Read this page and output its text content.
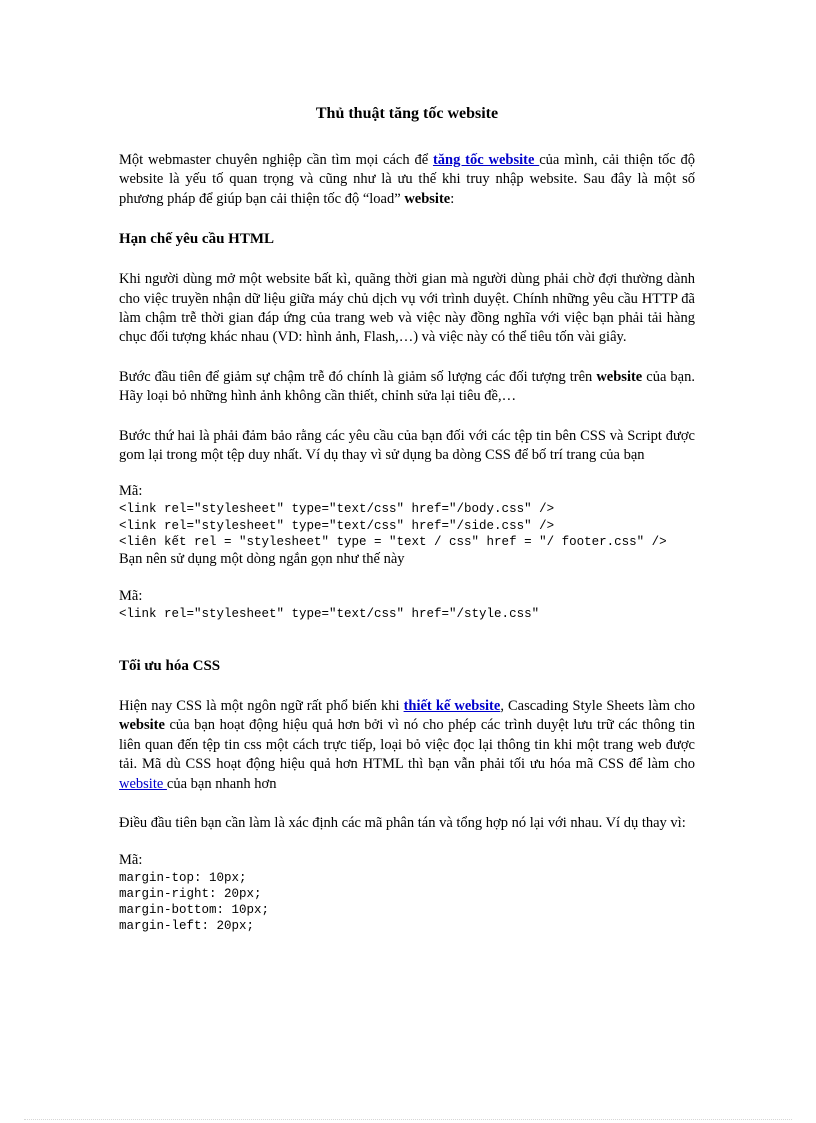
Thủ thuật tăng tốc website

Một webmaster chuyên nghiệp cần tìm mọi cách để tăng tốc website của mình, cải thiện tốc độ website là yếu tố quan trọng và cũng như là ưu thế khi truy nhập website. Sau đây là một số phương pháp để giúp bạn cải thiện tốc độ “load” website:

Hạn chế yêu cầu HTML

Khi người dùng mở một website bất kì, quãng thời gian mà người dùng phải chờ đợi thường dành cho việc truyền nhận dữ liệu giữa máy chủ dịch vụ với trình duyệt. Chính những yêu cầu HTTP đã làm chậm trễ thời gian đáp ứng của trang web và việc này đồng nghĩa với việc bạn phải tải hàng chục đối tượng khác nhau (VD: hình ảnh, Flash,…) và việc này có thể tiêu tốn vài giây.

Bước đầu tiên để giảm sự chậm trễ đó chính là giảm số lượng các đối tượng trên website của bạn. Hãy loại bỏ những hình ảnh không cần thiết, chỉnh sửa lại tiêu đề,…

Bước thứ hai là phải đảm bảo rằng các yêu cầu của bạn đối với các tệp tin bên CSS và Script được gom lại trong một tệp duy nhất. Ví dụ thay vì sử dụng ba dòng CSS để bố trí trang của bạn

Mã:
<link rel="stylesheet" type="text/css" href="/body.css" />
<link rel="stylesheet" type="text/css" href="/side.css" />
<liên kết rel = "stylesheet" type = "text / css" href = "/ footer.css" />

Bạn nên sử dụng một dòng ngắn gọn như thế này

Mã:
<link rel="stylesheet" type="text/css" href="/style.css"
Tối ưu hóa CSS

Hiện nay CSS là một ngôn ngữ rất phổ biến khi thiết kế website, Cascading Style Sheets làm cho website của bạn hoạt động hiệu quả hơn bởi vì nó cho phép các trình duyệt lưu trữ các thông tin liên quan đến tệp tin css một cách trực tiếp, loại bỏ việc đọc lại thông tin khi một trang web được tải. Mã dù CSS hoạt động hiệu quả hơn HTML thì bạn vẫn phải tối ưu hóa mã CSS để làm cho website của bạn nhanh hơn

Điều đầu tiên bạn cần làm là xác định các mã phân tán và tổng hợp nó lại với nhau. Ví dụ thay vì:

Mã:
margin-top: 10px;
margin-right: 20px;
margin-bottom: 10px;
margin-left: 20px;
